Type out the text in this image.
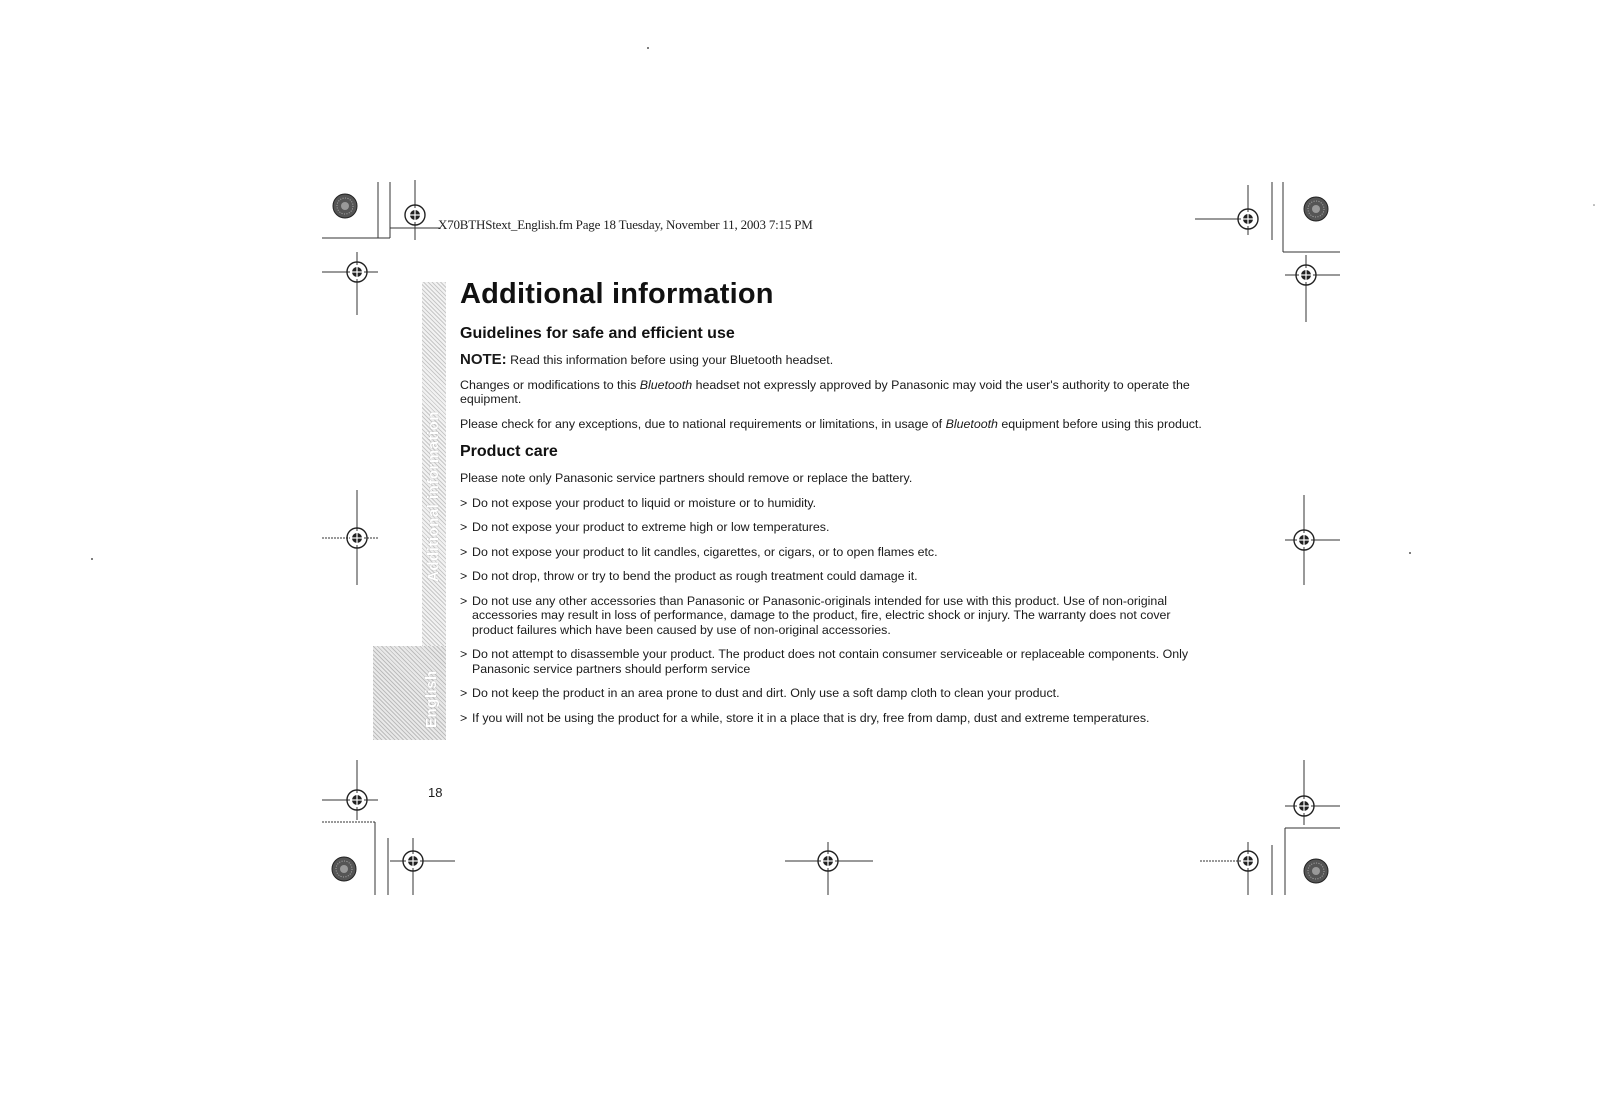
X70BTHStext_English.fm Page 18 Tuesday, November 11, 2003 7:15 PM
Additional information
English
Additional information
Guidelines for safe and efficient use

NOTE: Read this information before using your Bluetooth headset.

Changes or modifications to this Bluetooth headset not expressly approved by Panasonic may void the user's authority to operate the equipment.

Please check for any exceptions, due to national requirements or limitations, in usage of Bluetooth equipment before using this product.

Product care

Please note only Panasonic service partners should remove or replace the battery.

> Do not expose your product to liquid or moisture or to humidity.
> Do not expose your product to extreme high or low temperatures.
> Do not expose your product to lit candles, cigarettes, or cigars, or to open flames etc.
> Do not drop, throw or try to bend the product as rough treatment could damage it.
> Do not use any other accessories than Panasonic or Panasonic-originals intended for use with this product. Use of non-original accessories may result in loss of performance, damage to the product, fire, electric shock or injury. The warranty does not cover product failures which have been caused by use of non-original accessories.
> Do not attempt to disassemble your product. The product does not contain consumer serviceable or replaceable components. Only Panasonic service partners should perform service
> Do not keep the product in an area prone to dust and dirt. Only use a soft damp cloth to clean your product.
> If you will not be using the product for a while, store it in a place that is dry, free from damp, dust and extreme temperatures.
18
